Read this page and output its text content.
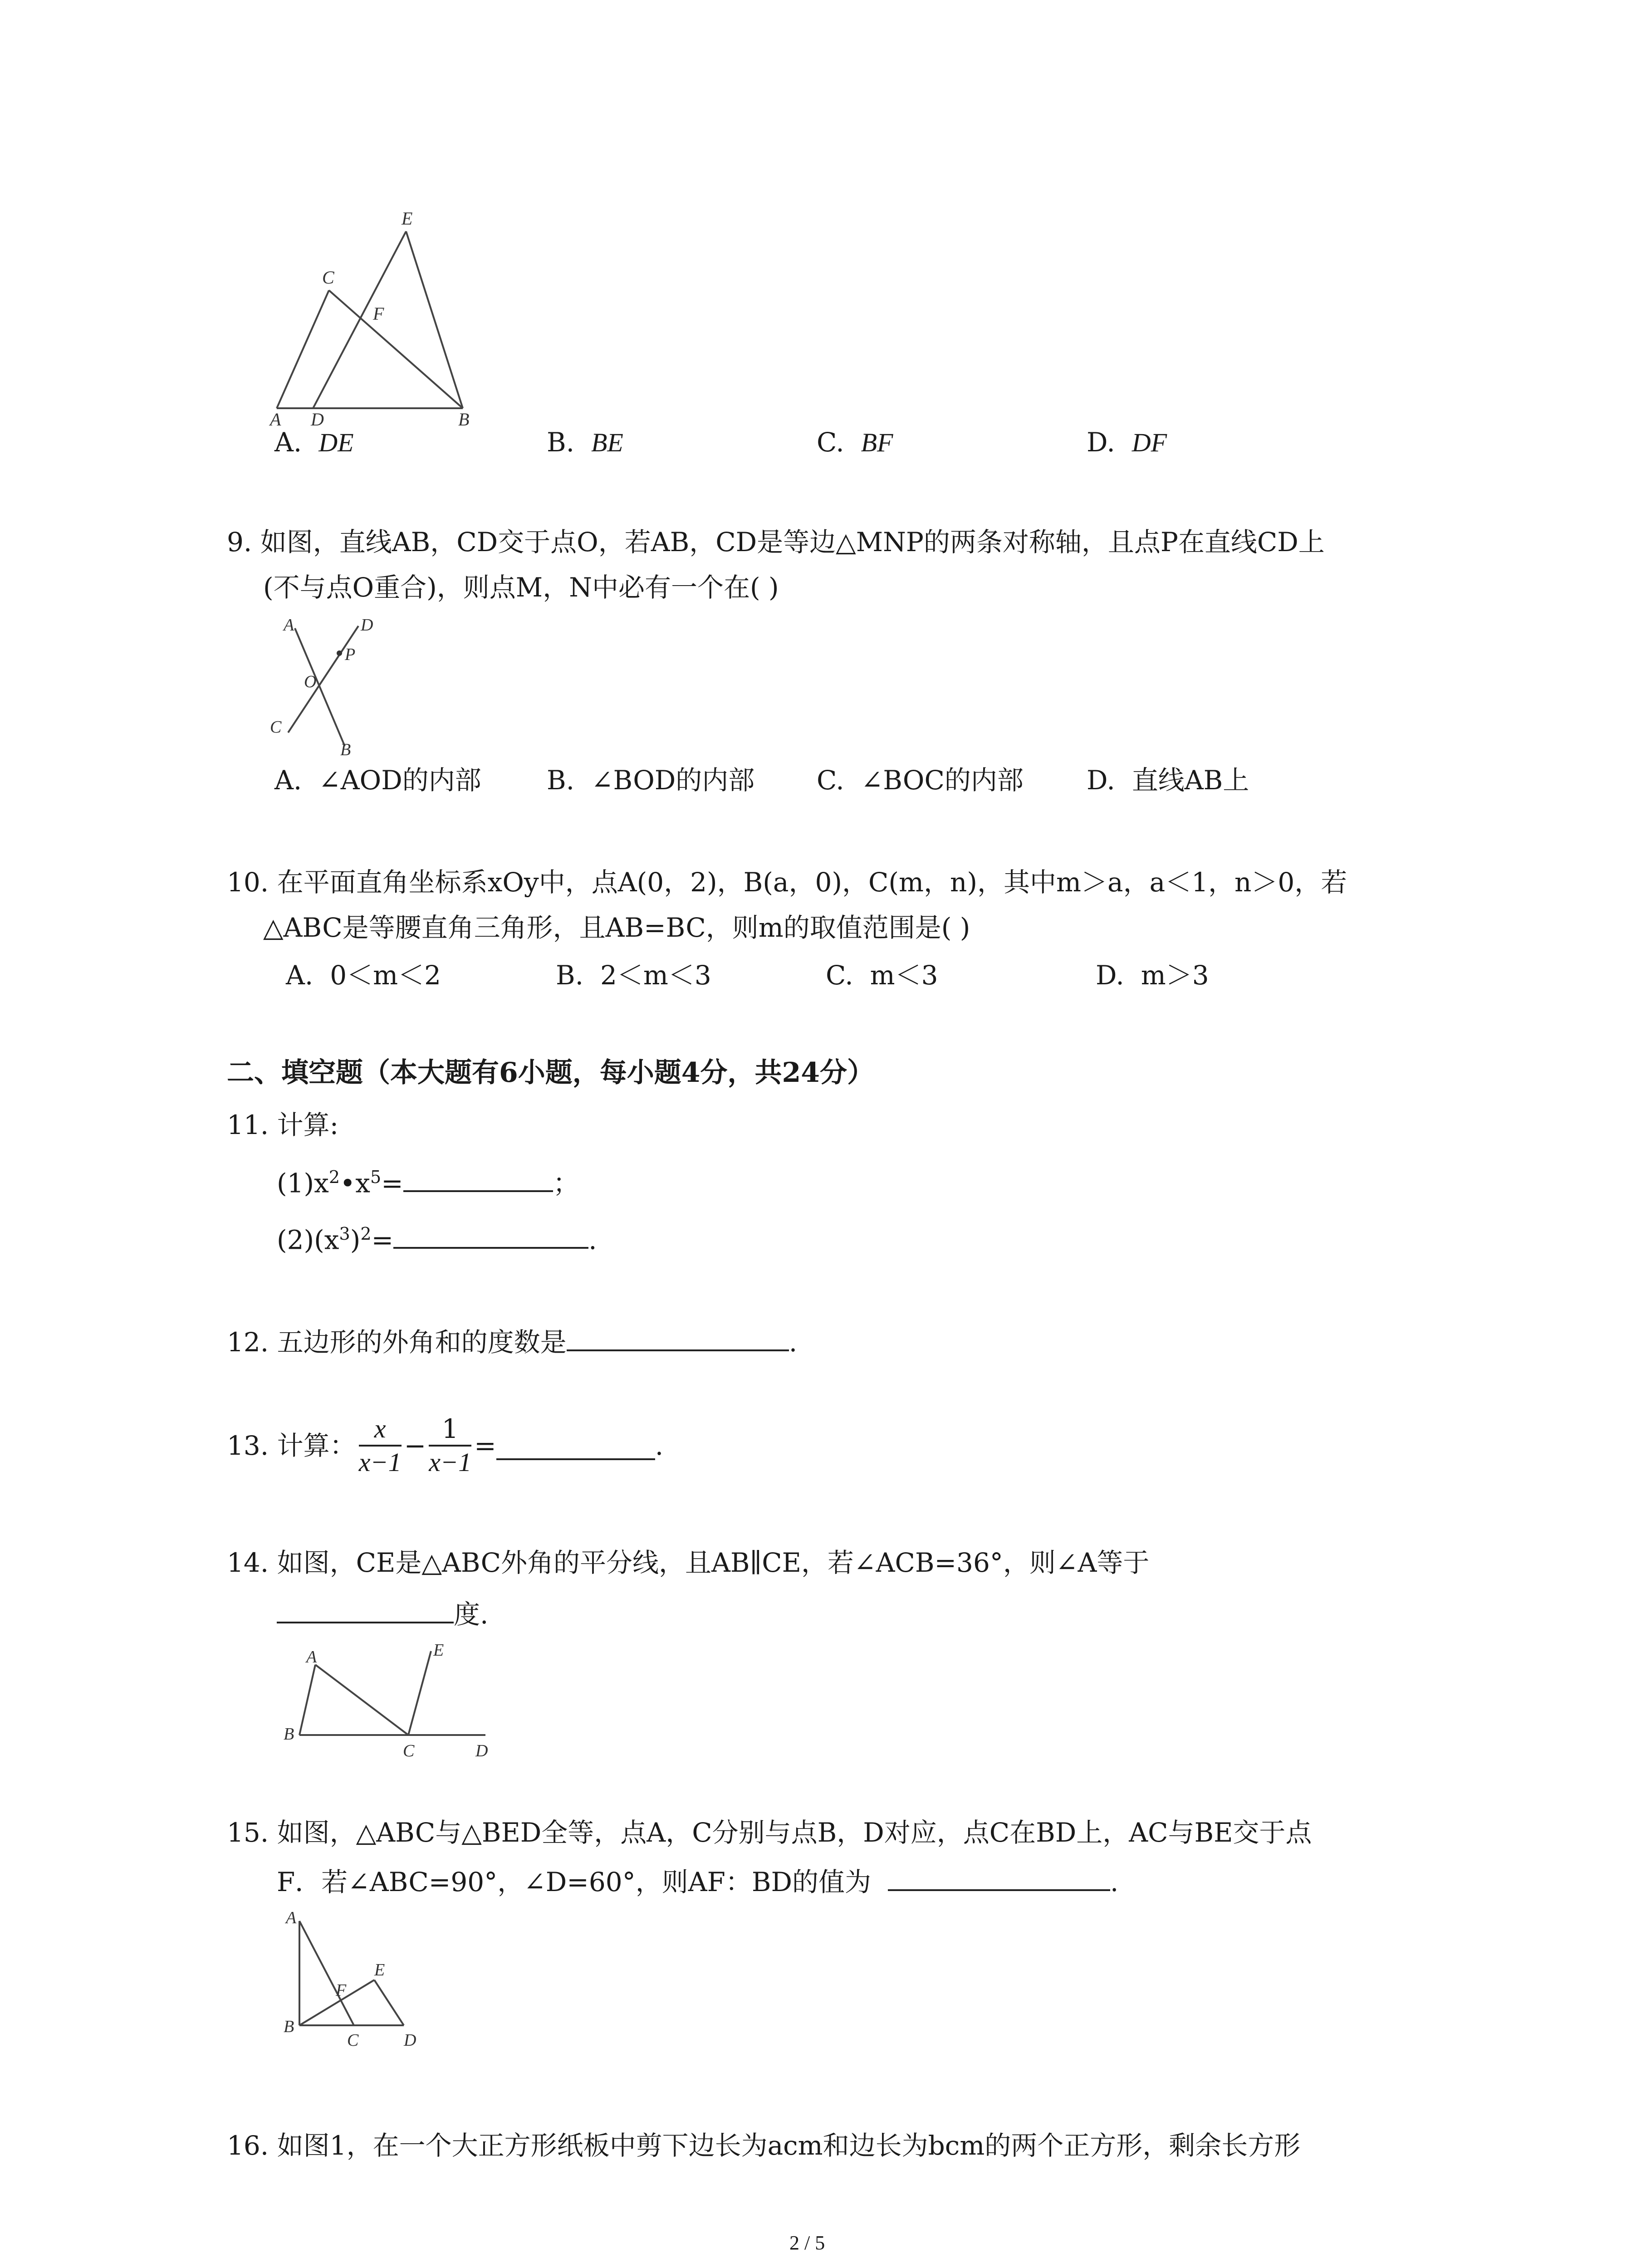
E
C
F
A D	B
A. DE	B. BE	C. BF	D. DF
9. 如图，直线AB，CD交于点O，若AB，CD是等边△MNP的两条对称轴，且点P在直线CD上
(不与点O重合)，则点M，N中必有一个在( )
A	D
P
O
C
B
A. ∠AOD的内部 B. ∠BOD的内部 C. ∠BOC的内部 D. 直线AB上
10. 在平面直角坐标系xOy中，点A(0，2)，B(a，0)，C(m，n)，其中m＞a，a＜1，n＞0，若
△ABC是等腰直角三角形，且AB=BC，则m的取值范围是( )
A. 0＜m＜2	B. 2＜m＜3	C. m＜3	D. m＞3
二、填空题（本大题有6小题，每小题4分，共24分）
11. 计算:
$(1)x^2•x^5=$	；
$(2)(x^3)^2=$	.
12. 五边形的外角和的度数是	.
13. 计算： $\frac{x}{x-1} - \frac{1}{x-1}$ =	.
14. 如图，CE是△ABC外角的平分线，且AB∥CE，若∠ACB=36°，则∠A等于
度.
A	E
B
C	D
15. 如图，△ABC与△BED全等，点A，C分别与点B，D对应，点C在BD上，AC与BE交于点
F．若∠ABC=90°，∠D=60°，则AF：BD的值为	.
A
E
F
B
C	D
16. 如图1，在一个大正方形纸板中剪下边长为acm和边长为bcm的两个正方形，剩余长方形
2 / 5
